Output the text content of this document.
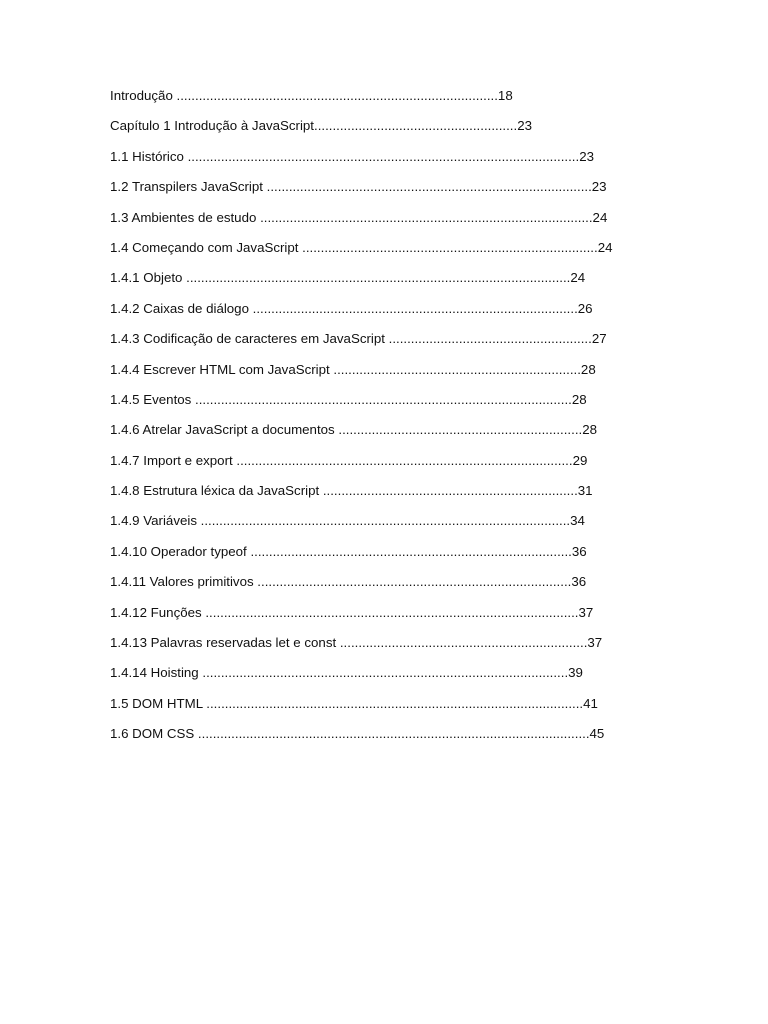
Introdução .......................................................................................18
Capítulo 1 Introdução à JavaScript.......................................................23
1.1 Histórico ..........................................................................................................23
1.2 Transpilers JavaScript ........................................................................................23
1.3 Ambientes de estudo ..........................................................................................24
1.4 Começando com JavaScript ................................................................................24
1.4.1 Objeto ........................................................................................................24
1.4.2 Caixas de diálogo ........................................................................................26
1.4.3 Codificação de caracteres em JavaScript .......................................................27
1.4.4 Escrever HTML com JavaScript ...................................................................28
1.4.5 Eventos ......................................................................................................28
1.4.6 Atrelar JavaScript a documentos ..................................................................28
1.4.7 Import e export ...........................................................................................29
1.4.8 Estrutura léxica da JavaScript .....................................................................31
1.4.9 Variáveis ....................................................................................................34
1.4.10 Operador typeof .......................................................................................36
1.4.11 Valores primitivos .....................................................................................36
1.4.12 Funções .....................................................................................................37
1.4.13 Palavras reservadas let e const ...................................................................37
1.4.14 Hoisting ...................................................................................................39
1.5 DOM HTML ......................................................................................................41
1.6 DOM CSS ..........................................................................................................45
